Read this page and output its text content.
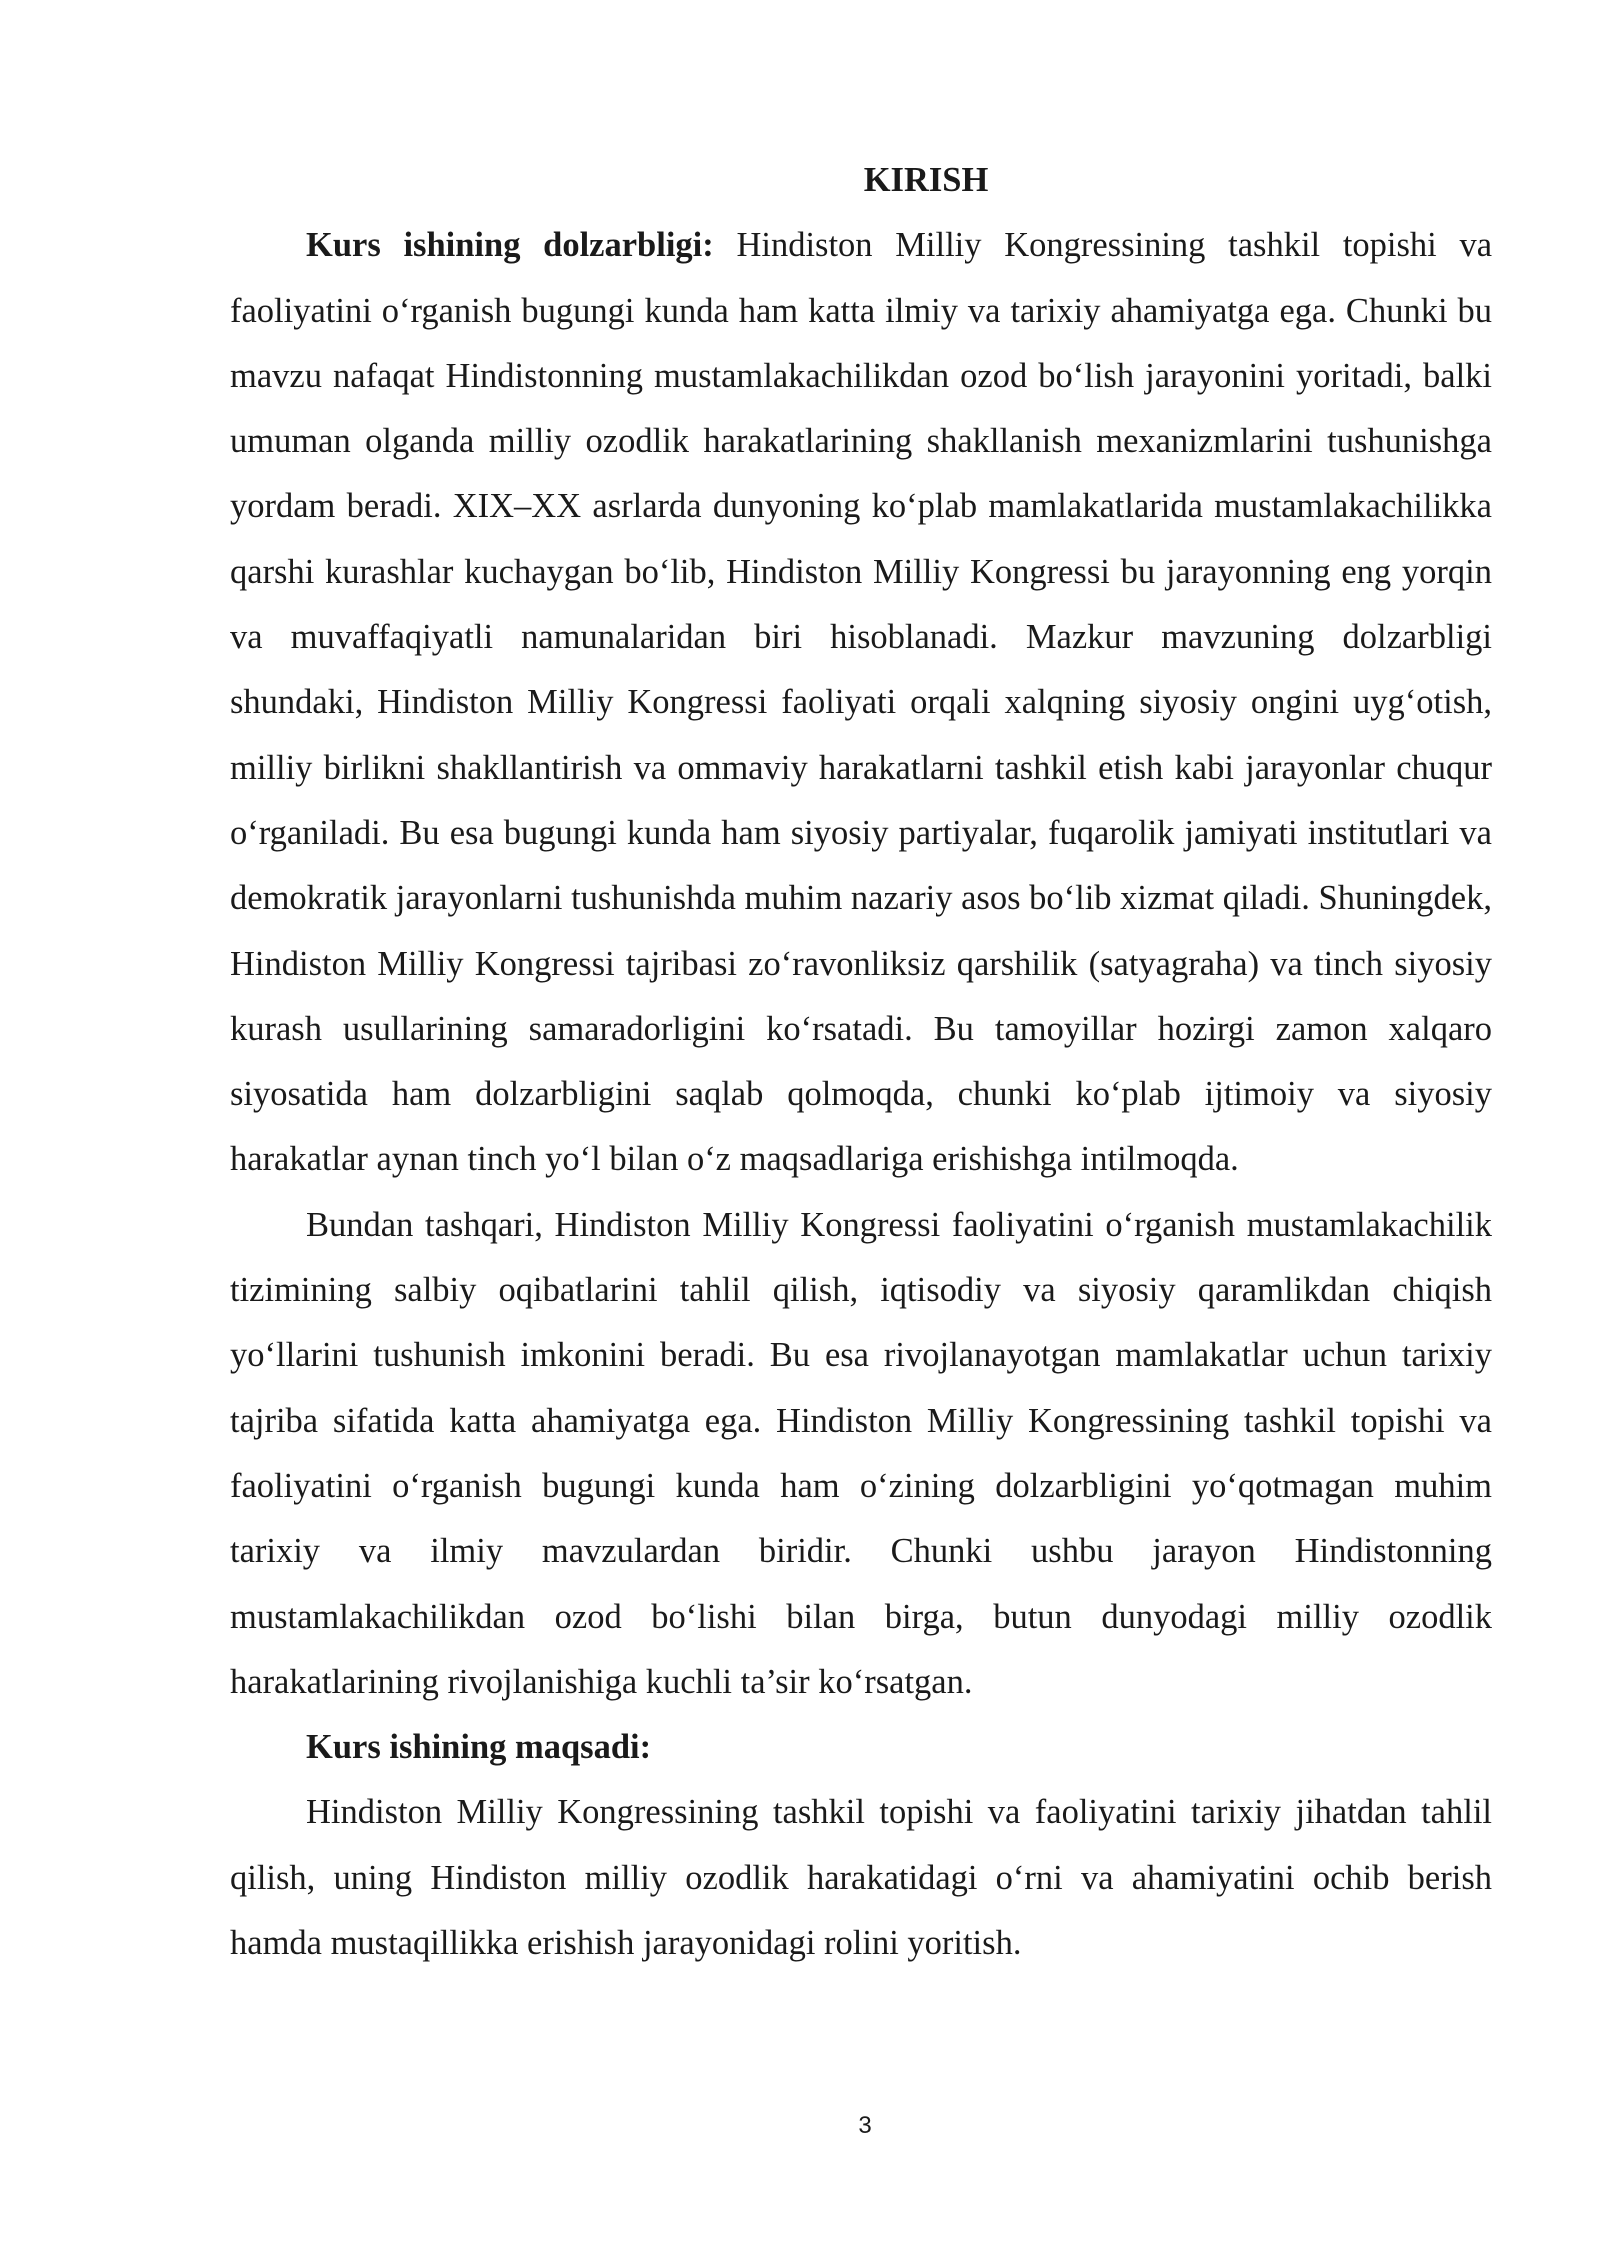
KIRISH

Kurs ishining dolzarbligi: Hindiston Milliy Kongressining tashkil topishi va faoliyatini o‘rganish bugungi kunda ham katta ilmiy va tarixiy ahamiyatga ega. Chunki bu mavzu nafaqat Hindistonning mustamlakachilikdan ozod bo‘lish jarayonini yoritadi, balki umuman olganda milliy ozodlik harakatlarining shakllanish mexanizmlarini tushunishga yordam beradi. XIX–XX asrlarda dunyoning ko‘plab mamlakatlarida mustamlakachilikka qarshi kurashlar kuchaygan bo‘lib, Hindiston Milliy Kongressi bu jarayonning eng yorqin va muvaffaqiyatli namunalaridan biri hisoblanadi. Mazkur mavzuning dolzarbligi shundaki, Hindiston Milliy Kongressi faoliyati orqali xalqning siyosiy ongini uyg‘otish, milliy birlikni shakllantirish va ommaviy harakatlarni tashkil etish kabi jarayonlar chuqur o‘rganiladi. Bu esa bugungi kunda ham siyosiy partiyalar, fuqarolik jamiyati institutlari va demokratik jarayonlarni tushunishda muhim nazariy asos bo‘lib xizmat qiladi. Shuningdek, Hindiston Milliy Kongressi tajribasi zo‘ravonliksiz qarshilik (satyagraha) va tinch siyosiy kurash usullarining samaradorligini ko‘rsatadi. Bu tamoyillar hozirgi zamon xalqaro siyosatida ham dolzarbligini saqlab qolmoqda, chunki ko‘plab ijtimoiy va siyosiy harakatlar aynan tinch yo‘l bilan o‘z maqsadlariga erishishga intilmoqda.

Bundan tashqari, Hindiston Milliy Kongressi faoliyatini o‘rganish mustamlakachilik tizimining salbiy oqibatlarini tahlil qilish, iqtisodiy va siyosiy qaramlikdan chiqish yo‘llarini tushunish imkonini beradi. Bu esa rivojlanayotgan mamlakatlar uchun tarixiy tajriba sifatida katta ahamiyatga ega. Hindiston Milliy Kongressining tashkil topishi va faoliyatini o‘rganish bugungi kunda ham o‘zining dolzarbligini yo‘qotmagan muhim tarixiy va ilmiy mavzulardan biridir. Chunki ushbu jarayon Hindistonning mustamlakachilikdan ozod bo‘lishi bilan birga, butun dunyodagi milliy ozodlik harakatlarining rivojlanishiga kuchli ta’sir ko‘rsatgan.

Kurs ishining maqsadi:

Hindiston Milliy Kongressining tashkil topishi va faoliyatini tarixiy jihatdan tahlil qilish, uning Hindiston milliy ozodlik harakatidagi o‘rni va ahamiyatini ochib berish hamda mustaqillikka erishish jarayonidagi rolini yoritish.

3
